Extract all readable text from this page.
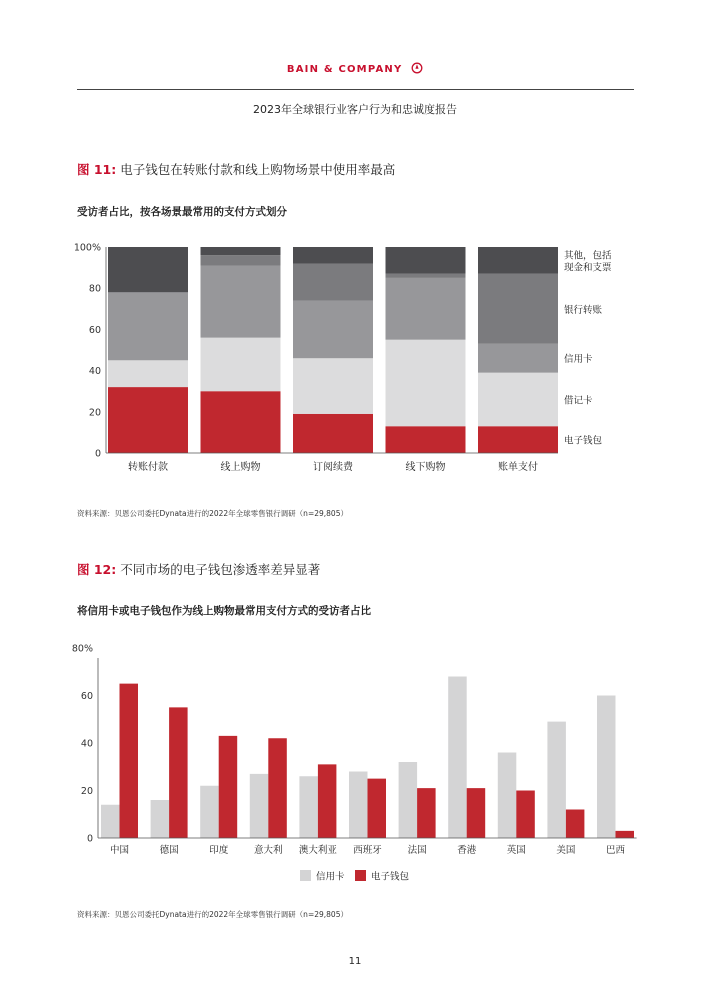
BAIN & COMPANY
2023年全球银行业客户行为和忠诚度报告
图 11: 电子钱包在转账付款和线上购物场景中使用率最高
受访者占比，按各场景最常用的支付方式划分
0
20
40
60
80
100%
转账付款	线上购物	订阅续费	线下购物	账单支付
其他，包括
现金和支票
银行转账
信用卡
借记卡
电子钱包
资料来源：贝恩公司委托Dynata进行的2022年全球零售银行调研（n=29,805）
图 12: 不同市场的电子钱包渗透率差异显著
将信用卡或电子钱包作为线上购物最常用支付方式的受访者占比
0
20
40
60
80%
中国	德国	印度	意大利 澳大利亚 西班牙	法国	香港	英国	美国	巴西
信用卡	电子钱包
资料来源：贝恩公司委托Dynata进行的2022年全球零售银行调研（n=29,805）
11
